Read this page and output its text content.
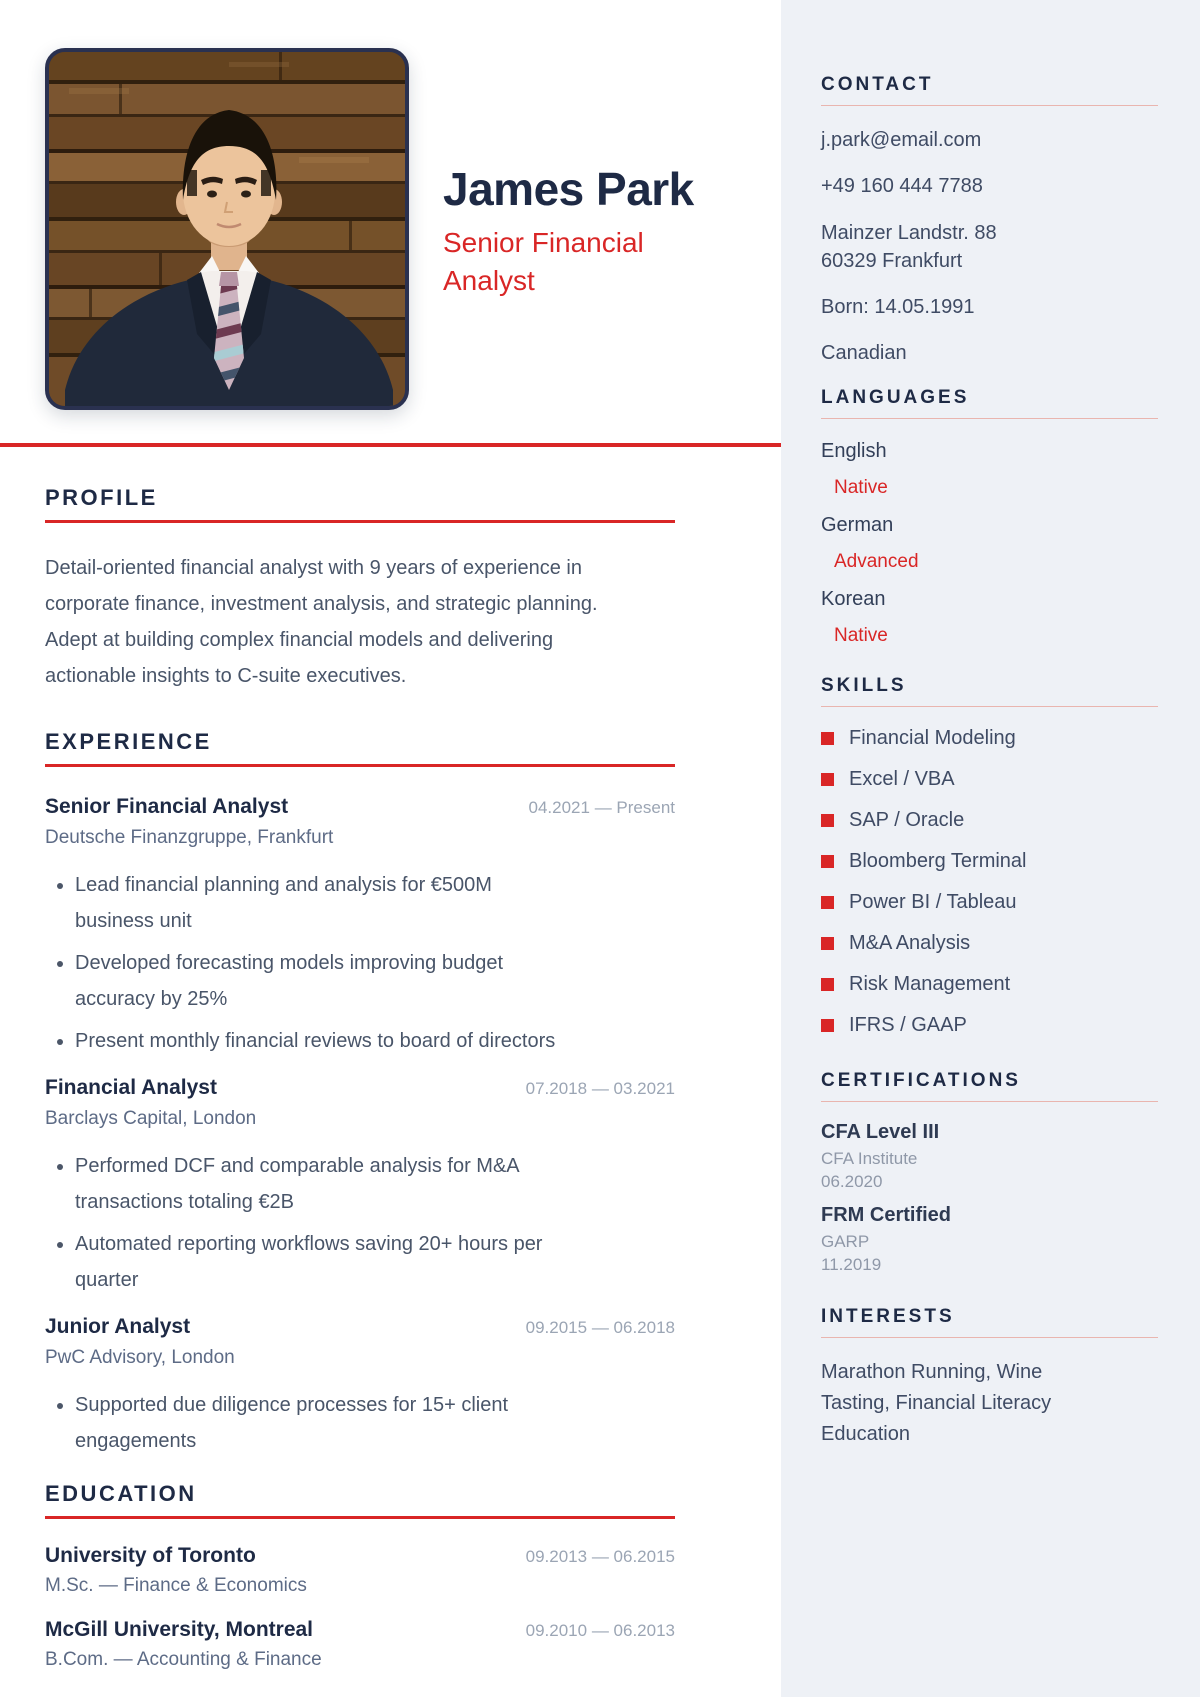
James Park
Senior Financial Analyst
PROFILE

Detail-oriented financial analyst with 9 years of experience in corporate finance, investment analysis, and strategic planning. Adept at building complex financial models and delivering actionable insights to C-suite executives.

EXPERIENCE
Senior Financial Analyst	04.2021 — Present
Deutsche Finanzgruppe, Frankfurt
• Lead financial planning and analysis for €500M business unit
• Developed forecasting models improving budget accuracy by 25%
• Present monthly financial reviews to board of directors
Financial Analyst	07.2018 — 03.2021
Barclays Capital, London
• Performed DCF and comparable analysis for M&A transactions totaling €2B
• Automated reporting workflows saving 20+ hours per quarter
Junior Analyst	09.2015 — 06.2018
PwC Advisory, London
• Supported due diligence processes for 15+ client engagements
EDUCATION
University of Toronto	09.2013 — 06.2015
M.Sc. — Finance & Economics
McGill University, Montreal	09.2010 — 06.2013
B.Com. — Accounting & Finance
CONTACT
j.park@email.com
+49 160 444 7788
Mainzer Landstr. 88
60329 Frankfurt
Born: 14.05.1991
Canadian
LANGUAGES
English
Native
German
Advanced
Korean
Native
SKILLS
Financial Modeling
Excel / VBA
SAP / Oracle
Bloomberg Terminal
Power BI / Tableau
M&A Analysis
Risk Management
IFRS / GAAP
CERTIFICATIONS
CFA Level III
CFA Institute
06.2020
FRM Certified
GARP
11.2019
INTERESTS

Marathon Running, Wine Tasting, Financial Literacy Education
